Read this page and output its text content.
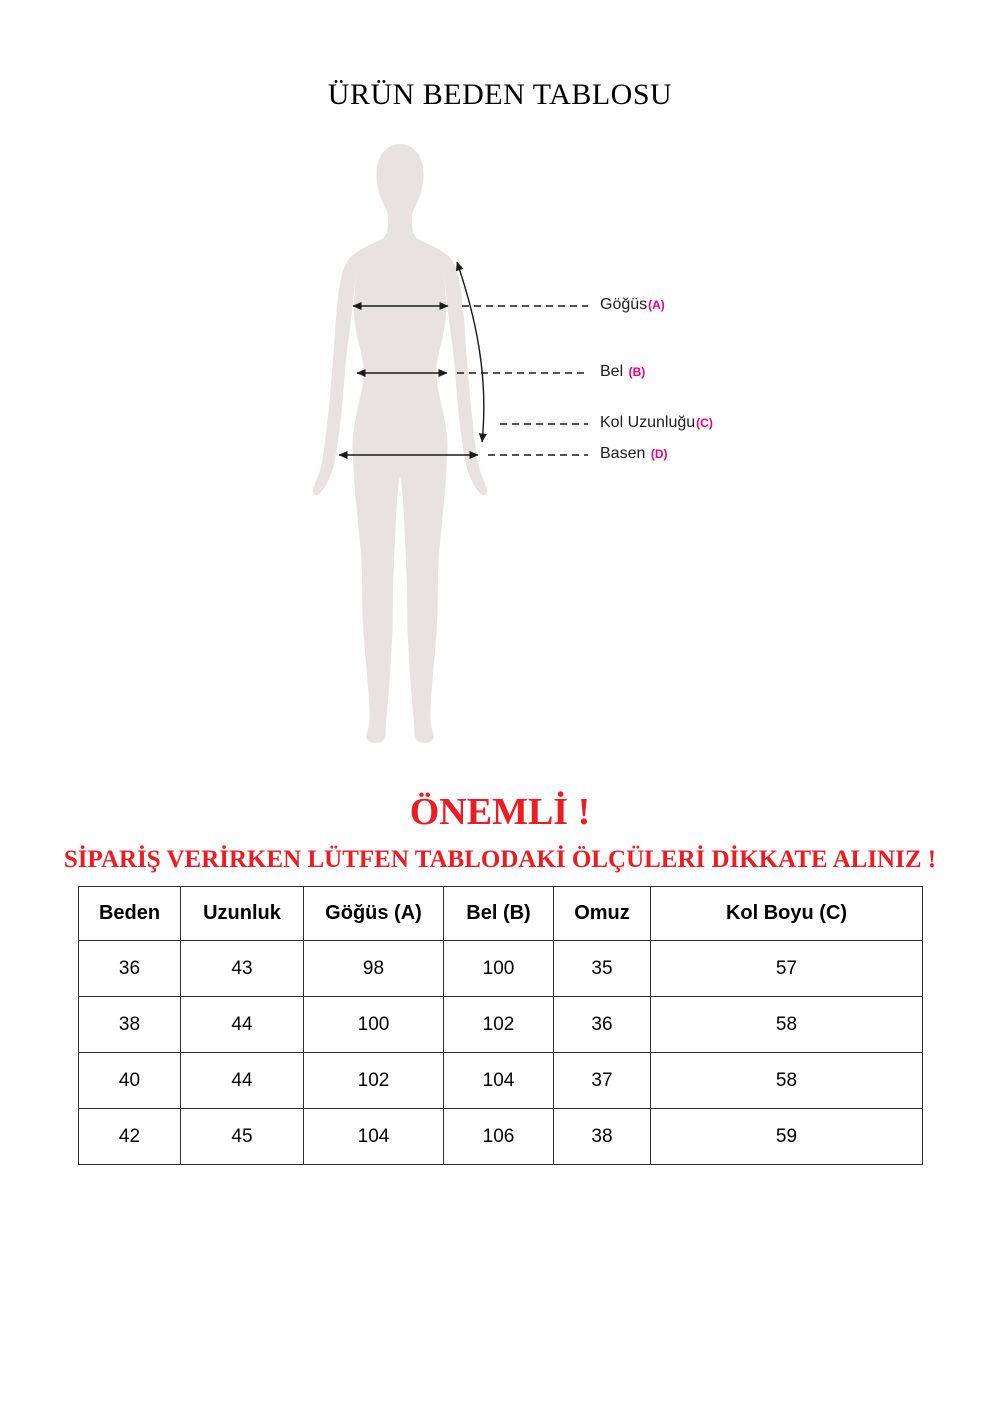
ÜRÜN BEDEN TABLOSU
Göğüs(A)
Bel (B)
Kol Uzunluğu(C)
Basen (D)
ÖNEMLİ !
SİPARİŞ VERİRKEN LÜTFEN TABLODAKİ ÖLÇÜLERİ DİKKATE ALINIZ !
Beden	Uzunluk	Göğüs (A)	Bel (B)	Omuz	Kol Boyu (C)
36	43	98	100	35	57
38	44	100	102	36	58
40	44	102	104	37	58
42	45	104	106	38	59
